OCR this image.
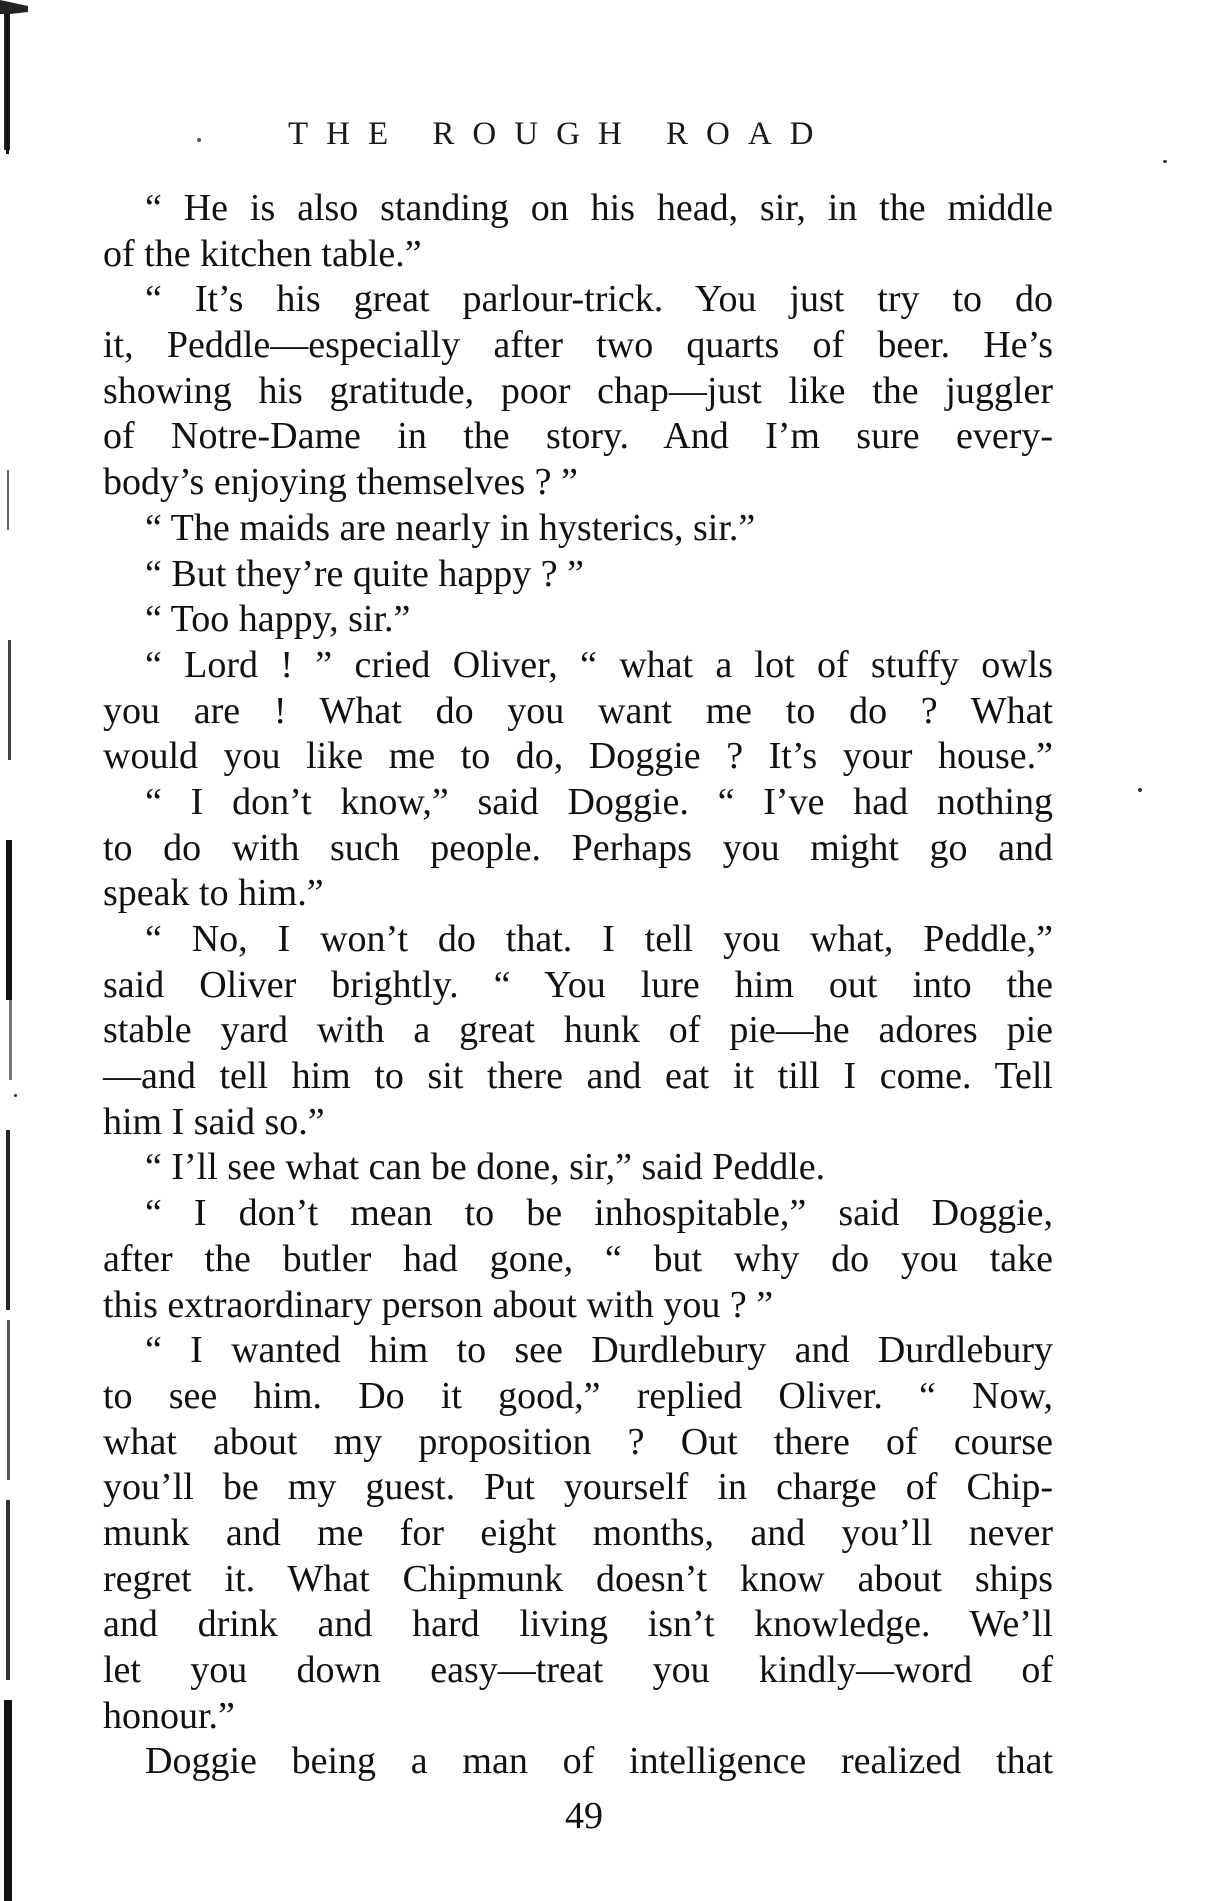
THE ROUGH ROAD
“ He is also standing on his head, sir, in the middle
of the kitchen table.”
“ It’s his great parlour-trick. You just try to do
it, Peddle—especially after two quarts of beer. He’s
showing his gratitude, poor chap—just like the juggler
of Notre-Dame in the story. And I’m sure every-
body’s enjoying themselves ? ”
“ The maids are nearly in hysterics, sir.”
“ But they’re quite happy ? ”
“ Too happy, sir.”
“ Lord ! ” cried Oliver, “ what a lot of stuffy owls
you are ! What do you want me to do ? What
would you like me to do, Doggie ? It’s your house.”
“ I don’t know,” said Doggie. “ I’ve had nothing
to do with such people. Perhaps you might go and
speak to him.”
“ No, I won’t do that. I tell you what, Peddle,”
said Oliver brightly. “ You lure him out into the
stable yard with a great hunk of pie—he adores pie
—and tell him to sit there and eat it till I come. Tell
him I said so.”
“ I’ll see what can be done, sir,” said Peddle.
“ I don’t mean to be inhospitable,” said Doggie,
after the butler had gone, “ but why do you take
this extraordinary person about with you ? ”
“ I wanted him to see Durdlebury and Durdlebury
to see him. Do it good,” replied Oliver. “ Now,
what about my proposition ? Out there of course
you’ll be my guest. Put yourself in charge of Chip-
munk and me for eight months, and you’ll never
regret it. What Chipmunk doesn’t know about ships
and drink and hard living isn’t knowledge. We’ll
let you down easy—treat you kindly—word of
honour.”
Doggie being a man of intelligence realized that
49
